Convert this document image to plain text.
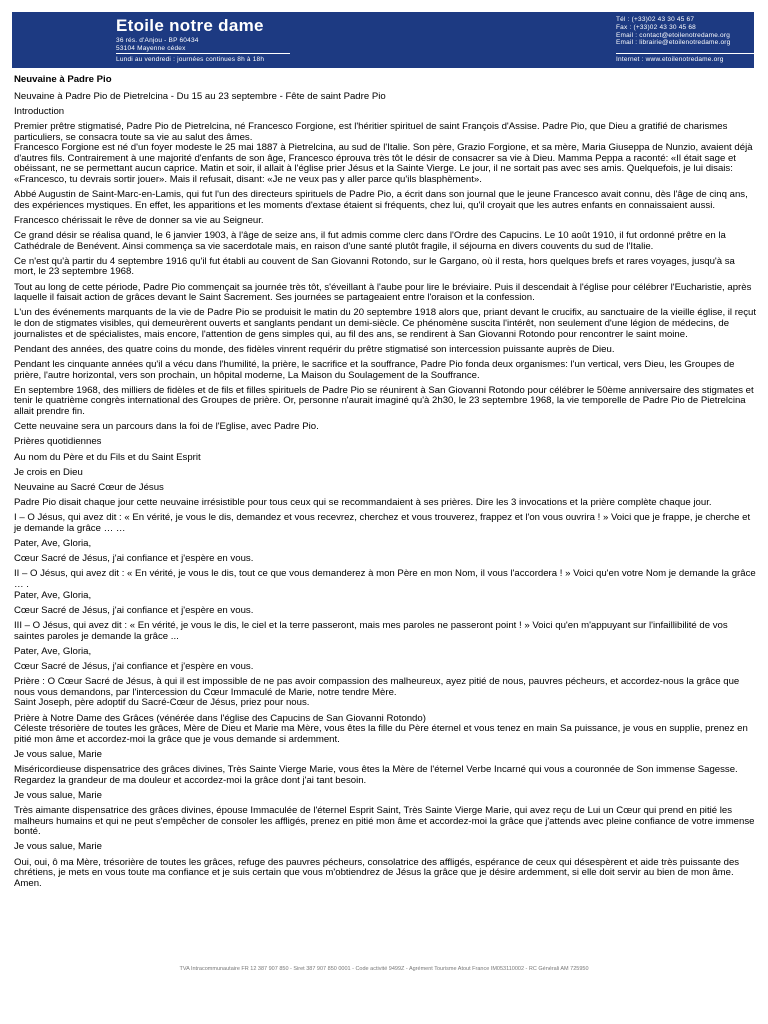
Etoile notre dame
36 rés. d'Anjou - BP 60434
53104 Mayenne cédex
Lundi au vendredi : journées continues 8h à 18h
Tél : (+33)02 43 30 45 67
Fax : (+33)02 43 30 45 68
Email : contact@etoilenotredame.org
Email : librairie@etoilenotredame.org
Internet : www.etoilenotredame.org
Neuvaine à Padre Pio

Neuvaine à Padre Pio de Pietrelcina - Du 15 au 23 septembre - Fête de saint Padre Pio

Introduction

Premier prêtre stigmatisé, Padre Pio de Pietrelcina, né Francesco Forgione, est l'héritier spirituel de saint François d'Assise. Padre Pio, que Dieu a gratifié de charismes particuliers, se consacra toute sa vie au salut des âmes.
Francesco Forgione est né d'un foyer modeste le 25 mai 1887 à Pietrelcina, au sud de l'Italie. Son père, Grazio Forgione, et sa mère, Maria Giuseppa de Nunzio, avaient déjà d'autres fils. Contrairement à une majorité d'enfants de son âge, Francesco éprouva très tôt le désir de consacrer sa vie à Dieu. Mamma Peppa a raconté: «Il était sage et obéissant, ne se permettant aucun caprice. Matin et soir, il allait à l'église prier Jésus et la Sainte Vierge. Le jour, il ne sortait pas avec ses amis. Quelquefois, je lui disais: «Francesco, tu devrais sortir jouer». Mais il refusait, disant: «Je ne veux pas y aller parce qu'ils blasphèment».

Abbé Augustin de Saint-Marc-en-Lamis, qui fut l'un des directeurs spirituels de Padre Pio, a écrit dans son journal que le jeune Francesco avait connu, dès l'âge de cinq ans, des expériences mystiques. En effet, les apparitions et les moments d'extase étaient si fréquents, chez lui, qu'il croyait que les autres enfants en connaissaient aussi.

Francesco chérissait le rêve de donner sa vie au Seigneur.

Ce grand désir se réalisa quand, le 6 janvier 1903, à l'âge de seize ans, il fut admis comme clerc dans l'Ordre des Capucins. Le 10 août 1910, il fut ordonné prêtre en la Cathédrale de Benévent. Ainsi commença sa vie sacerdotale mais, en raison d'une santé plutôt fragile, il séjourna en divers couvents du sud de l'Italie.

Ce n'est qu'à partir du 4 septembre 1916 qu'il fut établi au couvent de San Giovanni Rotondo, sur le Gargano, où il resta, hors quelques brefs et rares voyages, jusqu'à sa mort, le 23 septembre 1968.

Tout au long de cette période, Padre Pio commençait sa journée très tôt, s'éveillant à l'aube pour lire le bréviaire. Puis il descendait à l'église pour célébrer l'Eucharistie, après laquelle il faisait action de grâces devant le Saint Sacrement. Ses journées se partageaient entre l'oraison et la confession.

L'un des événements marquants de la vie de Padre Pio se produisit le matin du 20 septembre 1918 alors que, priant devant le crucifix, au sanctuaire de la vieille église, il reçut le don de stigmates visibles, qui demeurèrent ouverts et sanglants pendant un demi-siècle. Ce phénomène suscita l'intérêt, non seulement d'une légion de médecins, de journalistes et de spécialistes, mais encore, l'attention de gens simples qui, au fil des ans, se rendirent à San Giovanni Rotondo pour rencontrer le saint moine.

Pendant des années, des quatre coins du monde, des fidèles vinrent requérir du prêtre stigmatisé son intercession puissante auprès de Dieu.

Pendant les cinquante années qu'il a vécu dans l'humilité, la prière, le sacrifice et la souffrance, Padre Pio fonda deux organismes: l'un vertical, vers Dieu, les Groupes de prière, l'autre horizontal, vers son prochain, un hôpital moderne, La Maison du Soulagement de la Souffrance.

En septembre 1968, des milliers de fidèles et de fils et filles spirituels de Padre Pio se réunirent à San Giovanni Rotondo pour célébrer le 50ème anniversaire des stigmates et tenir le quatrième congrès international des Groupes de prière. Or, personne n'aurait imaginé qu'à 2h30, le 23 septembre 1968, la vie temporelle de Padre Pio de Pietrelcina allait prendre fin.

Cette neuvaine sera un parcours dans la foi de l'Eglise, avec Padre Pio.

Prières quotidiennes

Au nom du Père et du Fils et du Saint Esprit

Je crois en Dieu

Neuvaine au Sacré Cœur de Jésus

Padre Pio disait chaque jour cette neuvaine irrésistible pour tous ceux qui se recommandaient à ses prières. Dire les 3 invocations et la prière complète chaque jour.

I – O Jésus, qui avez dit : « En vérité, je vous le dis, demandez et vous recevrez, cherchez et vous trouverez, frappez et l'on vous ouvrira ! » Voici que je frappe, je cherche et je demande la grâce … …

Pater, Ave, Gloria,

Cœur Sacré de Jésus, j'ai confiance et j'espère en vous.

II – O Jésus, qui avez dit : « En vérité, je vous le dis, tout ce que vous demanderez à mon Père en mon Nom, il vous l'accordera ! » Voici qu'en votre Nom je demande la grâce … .
Pater, Ave, Gloria,

Cœur Sacré de Jésus, j'ai confiance et j'espère en vous.

III – O Jésus, qui avez dit : « En vérité, je vous le dis, le ciel et la terre passeront, mais mes paroles ne passeront point ! » Voici qu'en m'appuyant sur l'infaillibilité de vos saintes paroles je demande la grâce ...

Pater, Ave, Gloria,

Cœur Sacré de Jésus, j'ai confiance et j'espère en vous.

Prière : O Cœur Sacré de Jésus, à qui il est impossible de ne pas avoir compassion des malheureux, ayez pitié de nous, pauvres pécheurs, et accordez-nous la grâce que nous vous demandons, par l'intercession du Cœur Immaculé de Marie, notre tendre Mère.
Saint Joseph, père adoptif du Sacré-Cœur de Jésus, priez pour nous.

Prière à Notre Dame des Grâces (vénérée dans l'église des Capucins de San Giovanni Rotondo)
Céleste trésorière de toutes les grâces, Mère de Dieu et Marie ma Mère, vous êtes la fille du Père éternel et vous tenez en main Sa puissance, je vous en supplie, prenez en pitié mon âme et accordez-moi la grâce que je vous demande si ardemment.

Je vous salue, Marie

Miséricordieuse dispensatrice des grâces divines, Très Sainte Vierge Marie, vous êtes la Mère de l'éternel Verbe Incarné qui vous a couronnée de Son immense Sagesse. Regardez la grandeur de ma douleur et accordez-moi la grâce dont j'ai tant besoin.

Je vous salue, Marie

Très aimante dispensatrice des grâces divines, épouse Immaculée de l'éternel Esprit Saint, Très Sainte Vierge Marie, qui avez reçu de Lui un Cœur qui prend en pitié les malheurs humains et qui ne peut s'empêcher de consoler les affligés, prenez en pitié mon âme et accordez-moi la grâce que j'attends avec pleine confiance de votre immense bonté.

Je vous salue, Marie

Oui, oui, ô ma Mère, trésorière de toutes les grâces, refuge des pauvres pécheurs, consolatrice des affligés, espérance de ceux qui désespèrent et aide très puissante des chrétiens, je mets en vous toute ma confiance et je suis certain que vous m'obtiendrez de Jésus la grâce que je désire ardemment, si elle doit servir au bien de mon âme. Amen.

TVA Intracommunautaire FR 12 387 907 850 - Siret 387 907 850 0001 - Code activité 9499Z - Agrément Tourisme Atout France IM053110002 - RC Générali AM 725950
